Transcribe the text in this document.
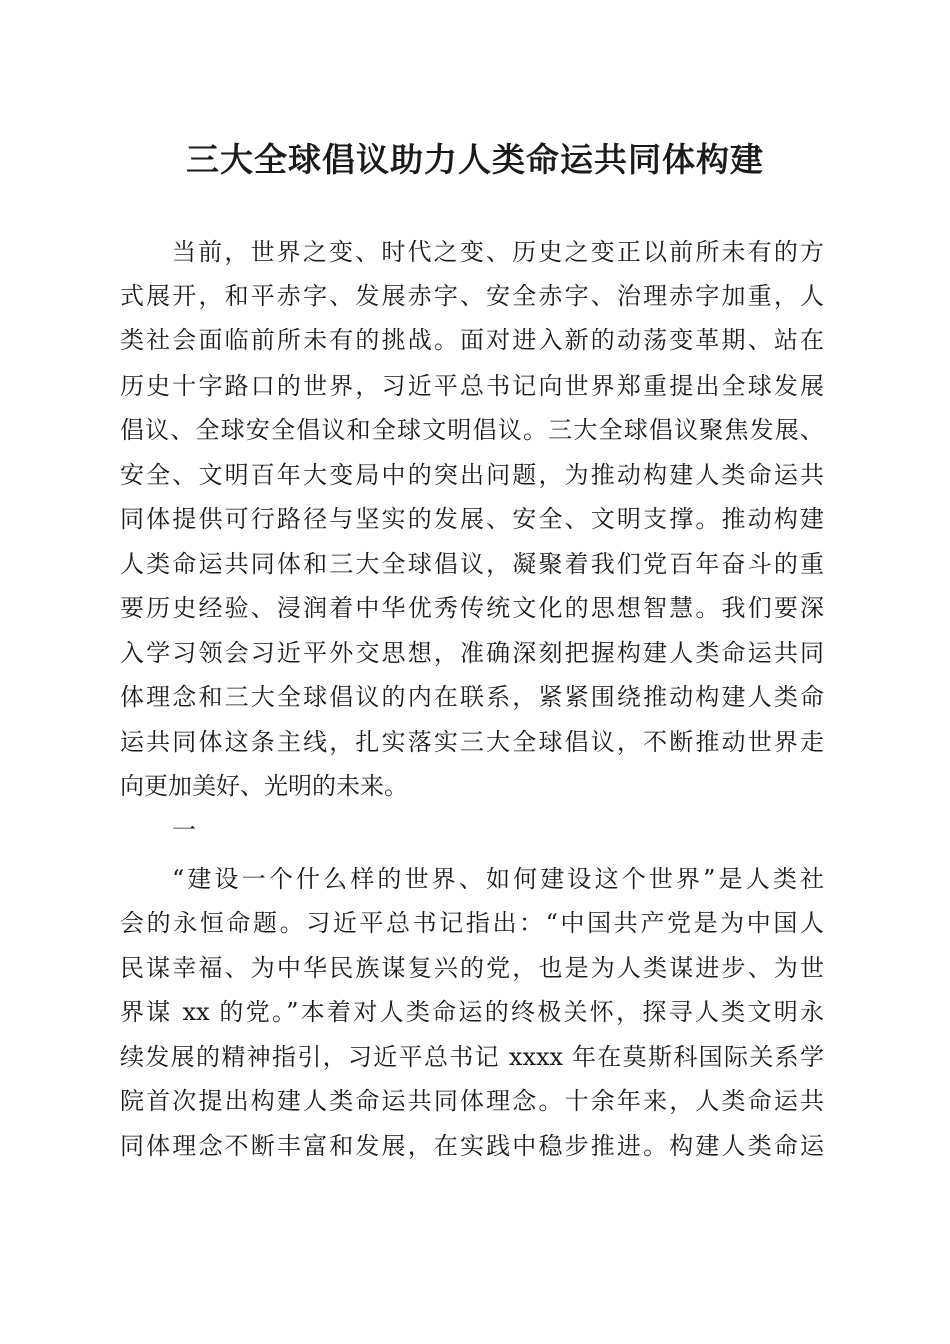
三大全球倡议助力人类命运共同体构建
当前，世界之变、时代之变、历史之变正以前所未有的方
式展开，和平赤字、发展赤字、安全赤字、治理赤字加重，人
类社会面临前所未有的挑战。面对进入新的动荡变革期、站在
历史十字路口的世界，习近平总书记向世界郑重提出全球发展
倡议、全球安全倡议和全球文明倡议。三大全球倡议聚焦发展、
安全、文明百年大变局中的突出问题，为推动构建人类命运共
同体提供可行路径与坚实的发展、安全、文明支撑。推动构建
人类命运共同体和三大全球倡议，凝聚着我们党百年奋斗的重
要历史经验、浸润着中华优秀传统文化的思想智慧。我们要深
入学习领会习近平外交思想，准确深刻把握构建人类命运共同
体理念和三大全球倡议的内在联系，紧紧围绕推动构建人类命
运共同体这条主线，扎实落实三大全球倡议，不断推动世界走
向更加美好、光明的未来。
一
“建设一个什么样的世界、如何建设这个世界”是人类社
会的永恒命题。习近平总书记指出：“中国共产党是为中国人
民谋幸福、为中华民族谋复兴的党，也是为人类谋进步、为世
界谋 xx 的党。”本着对人类命运的终极关怀，探寻人类文明永
续发展的精神指引，习近平总书记 xxxx 年在莫斯科国际关系学
院首次提出构建人类命运共同体理念。十余年来，人类命运共
同体理念不断丰富和发展，在实践中稳步推进。构建人类命运
